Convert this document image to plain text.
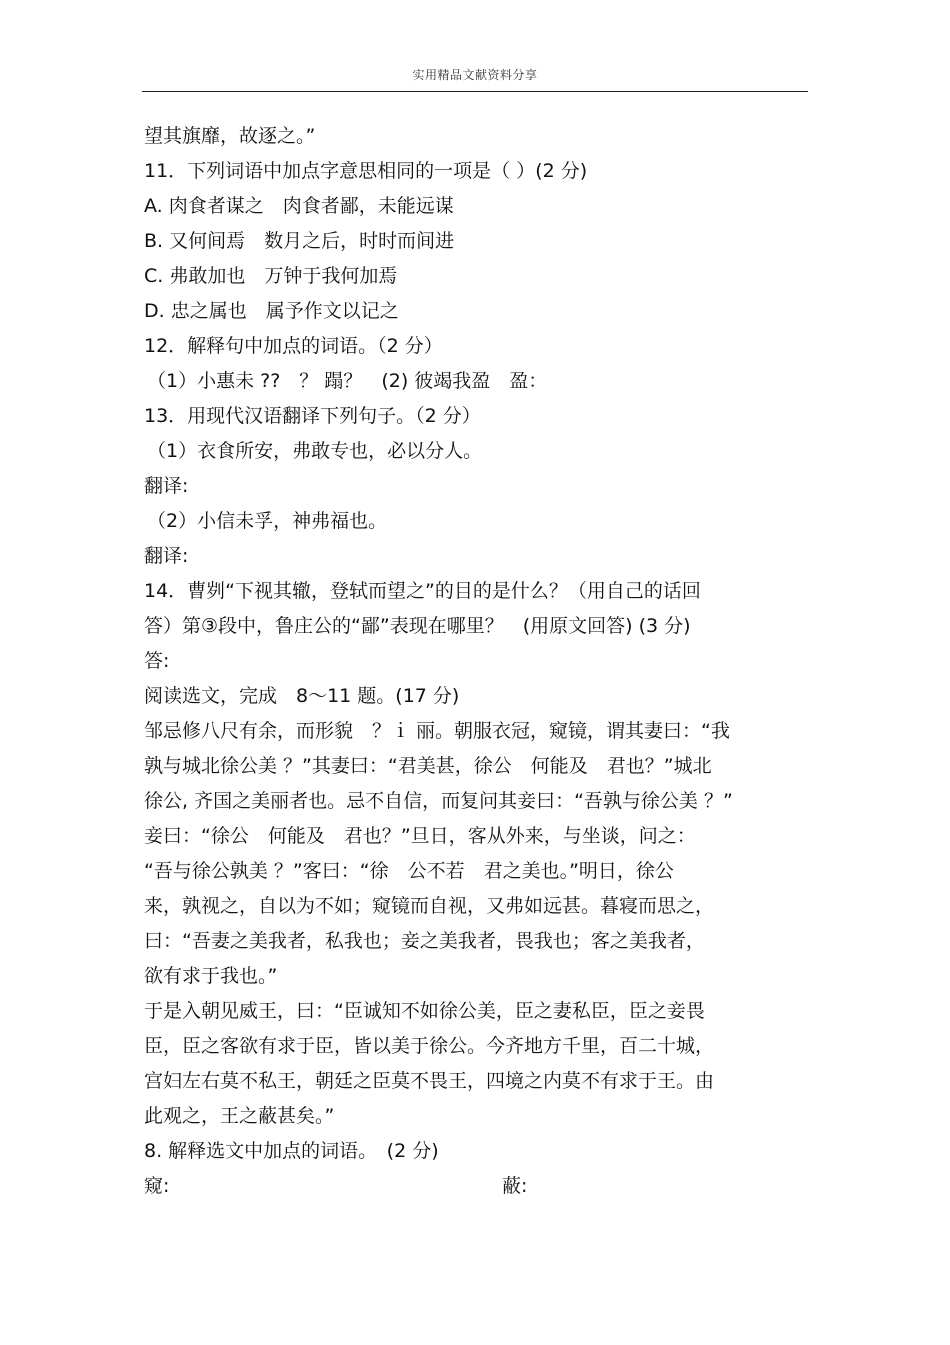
实用精品文献资料分享
望其旗靡，故逐之。”
11．下列词语中加点字意思相同的一项是（ ）(2 分)
A. 肉食者谋之　肉食者鄙，未能远谋
B. 又何间焉　数月之后，时时而间进
C. 弗敢加也　万钟于我何加焉
D. 忠之属也　属予作文以记之
12．解释句中加点的词语。（2 分）
（1）小惠未 ??　？ 蹋？　(2) 彼竭我盈　盈：
13．用现代汉语翻译下列句子。（2 分）
（1）衣食所安，弗敢专也，必以分人。
翻译:
（2）小信未孚，神弗福也。
翻译:
14．曹刿“下视其辙，登轼而望之”的目的是什么？（用自己的话回
答）第③段中，鲁庄公的“鄙”表现在哪里？　(用原文回答) (3 分)
答:
阅读选文，完成　8～11 题。(17 分)
邹忌修八尺有余，而形貌　？ｉ 丽。朝服衣冠，窥镜，谓其妻曰：“我
孰与城北徐公美 ？”其妻曰：“君美甚，徐公　何能及　君也？”城北
徐公, 齐国之美丽者也。忌不自信，而复问其妾曰：“吾孰与徐公美 ？”
妾曰：“徐公　何能及　君也？”旦日，客从外来，与坐谈，问之：
“吾与徐公孰美 ？”客曰：“徐　公不若　君之美也。”明日，徐公
来，孰视之，自以为不如；窥镜而自视，又弗如远甚。暮寝而思之，
曰：“吾妻之美我者，私我也；妾之美我者，畏我也；客之美我者，
欲有求于我也。”
于是入朝见威王，曰：“臣诚知不如徐公美，臣之妻私臣，臣之妾畏
臣，臣之客欲有求于臣，皆以美于徐公。今齐地方千里，百二十城，
宫妇左右莫不私王，朝廷之臣莫不畏王，四境之内莫不有求于王。由
此观之，王之蔽甚矣。”
8. 解释选文中加点的词语。　(2 分)
窥:	蔽:
